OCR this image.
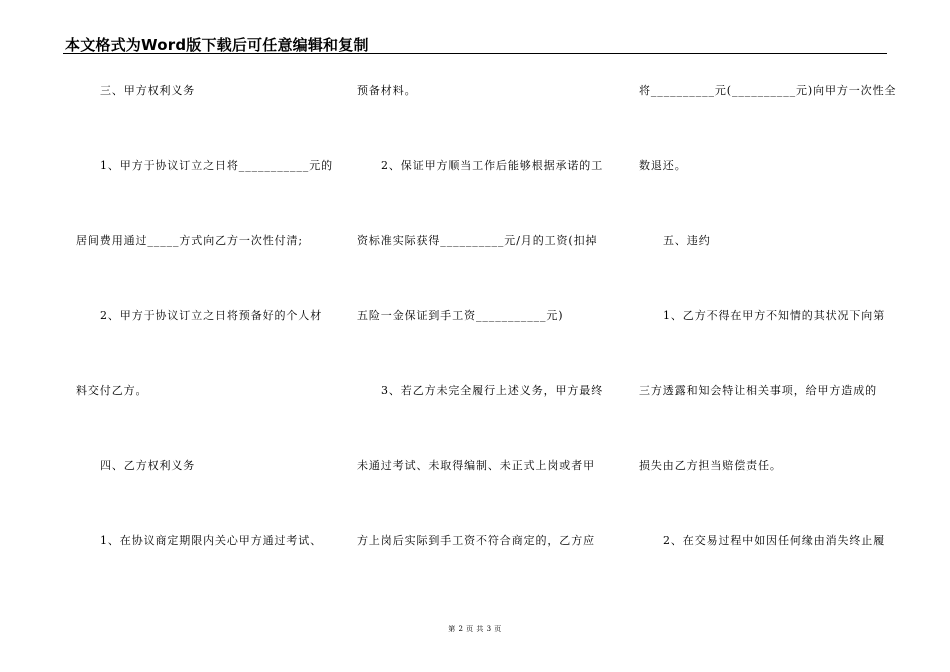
本文格式为Word版下载后可任意编辑和复制
三、甲方权利义务
1、甲方于协议订立之日将___________元的
居间费用通过_____方式向乙方一次性付清;
2、甲方于协议订立之日将预备好的个人材
料交付乙方。
四、乙方权利义务
1、在协议商定期限内关心甲方通过考试、
预备材料。
2、保证甲方顺当工作后能够根据承诺的工
资标准实际获得__________元/月的工资(扣掉
五险一金保证到手工资___________元)
3、若乙方未完全履行上述义务，甲方最终
未通过考试、未取得编制、未正式上岗或者甲
方上岗后实际到手工资不符合商定的，乙方应
将__________元(__________元)向甲方一次性全
数退还。
五、违约
1、乙方不得在甲方不知情的其状况下向第
三方透露和知会特让相关事项，给甲方造成的
损失由乙方担当赔偿责任。
2、在交易过程中如因任何缘由消失终止履
第 2 页 共 3 页
